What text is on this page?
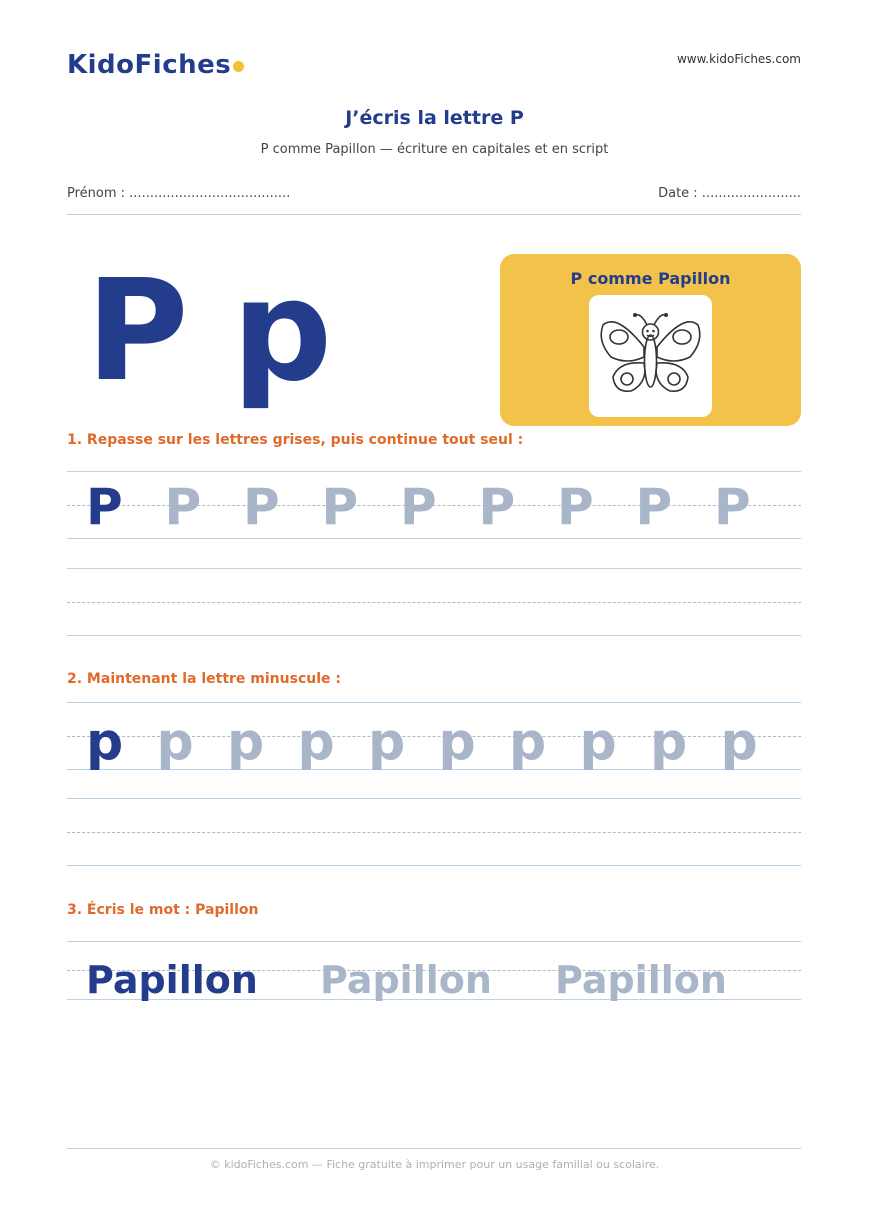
KidoFiches	www.kidoFiches.com
J’écris la lettre P
P comme Papillon — écriture en capitales et en script
Prénom : .......................................	Date : ........................
P p	P comme Papillon
1. Repasse sur les lettres grises, puis continue tout seul :
P P P P P P P P P
2. Maintenant la lettre minuscule :
p p p p p p p p p p
3. Écris le mot : Papillon
Papillon Papillon Papillon
© kidoFiches.com — Fiche gratuite à imprimer pour un usage familial ou scolaire.
